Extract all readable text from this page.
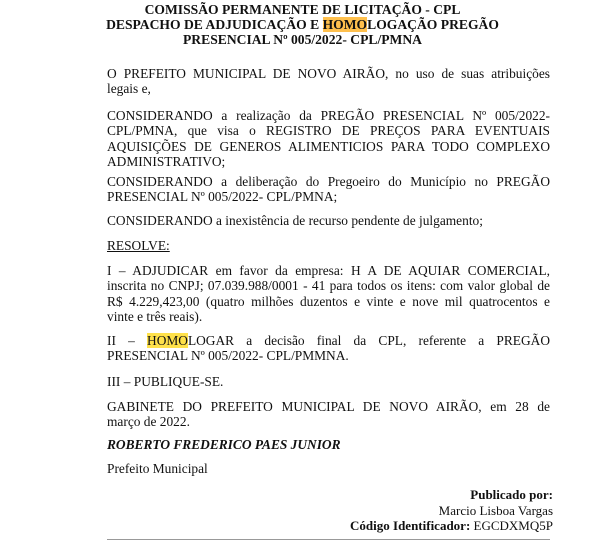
COMISSÃO PERMANENTE DE LICITAÇÃO - CPL
DESPACHO DE ADJUDICAÇÃO E HOMOLOGAÇÃO PREGÃO
PRESENCIAL Nº 005/2022- CPL/PMNA
O PREFEITO MUNICIPAL DE NOVO AIRÃO, no uso de suas atribuições
legais e,
CONSIDERANDO a realização da PREGÃO PRESENCIAL Nº 005/2022-
CPL/PMNA, que visa o REGISTRO DE PREÇOS PARA EVENTUAIS
AQUISIÇÕES DE GENEROS ALIMENTICIOS PARA TODO COMPLEXO
ADMINISTRATIVO;
CONSIDERANDO a deliberação do Pregoeiro do Município no PREGÃO
PRESENCIAL Nº 005/2022- CPL/PMNA;
CONSIDERANDO a inexistência de recurso pendente de julgamento;
RESOLVE:
I – ADJUDICAR em favor da empresa: H A DE AQUIAR COMERCIAL,
inscrita no CNPJ; 07.039.988/0001 - 41 para todos os itens: com valor global de
R$ 4.229,423,00 (quatro milhões duzentos e vinte e nove mil quatrocentos e
vinte e três reais).
II – HOMOLOGAR a decisão final da CPL, referente a PREGÃO
PRESENCIAL Nº 005/2022- CPL/PMMNA.
III – PUBLIQUE-SE.
GABINETE DO PREFEITO MUNICIPAL DE NOVO AIRÃO, em 28 de
março de 2022.
ROBERTO FREDERICO PAES JUNIOR
Prefeito Municipal
Publicado por:
Marcio Lisboa Vargas
Código Identificador: EGCDXMQ5P
